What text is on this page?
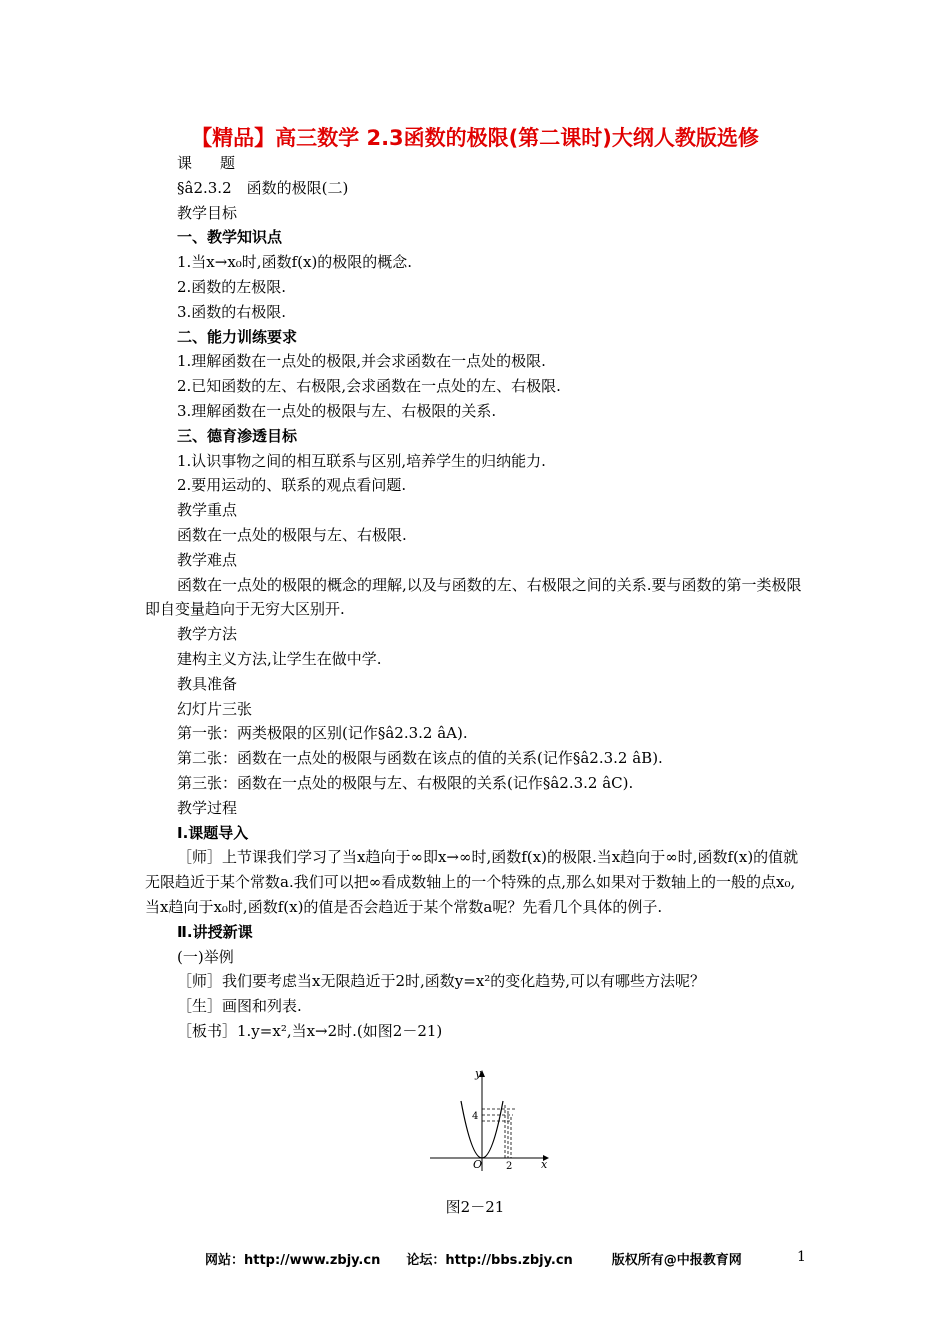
【精品】高三数学 2.3函数的极限(第二课时)大纲人教版选修

课题

§â2.3.2　函数的极限(二)

教学目标

一、教学知识点

1.当x→x₀时,函数f(x)的极限的概念.

2.函数的左极限.

3.函数的右极限.

二、能力训练要求

1.理解函数在一点处的极限,并会求函数在一点处的极限.

2.已知函数的左、右极限,会求函数在一点处的左、右极限.

3.理解函数在一点处的极限与左、右极限的关系.

三、德育渗透目标

1.认识事物之间的相互联系与区别,培养学生的归纳能力.

2.要用运动的、联系的观点看问题.

教学重点

函数在一点处的极限与左、右极限.

教学难点

函数在一点处的极限的概念的理解,以及与函数的左、右极限之间的关系.要与函数的第一类极限即自变量趋向于无穷大区别开.

教学方法

建构主义方法,让学生在做中学.

教具准备

幻灯片三张

第一张：两类极限的区别(记作§â2.3.2 âA).

第二张：函数在一点处的极限与函数在该点的值的关系(记作§â2.3.2 âB).

第三张：函数在一点处的极限与左、右极限的关系(记作§â2.3.2 âC).

教学过程

Ⅰ.课题导入

［师］上节课我们学习了当x趋向于∞即x→∞时,函数f(x)的极限.当x趋向于∞时,函数f(x)的值就无限趋近于某个常数a.我们可以把∞看成数轴上的一个特殊的点,那么如果对于数轴上的一般的点x₀,当x趋向于x₀时,函数f(x)的值是否会趋近于某个常数a呢？先看几个具体的例子.

Ⅱ.讲授新课

(一)举例

［师］我们要考虑当x无限趋近于2时,函数y=x²的变化趋势,可以有哪些方法呢？

［生］画图和列表.

［板书］1.y=x²,当x→2时.(如图2－21)

y
x
O
4
2
图2－21
网站：http://www.zbjy.cn　　论坛：http://bbs.zbjy.cn　　　版权所有@中报教育网	1
